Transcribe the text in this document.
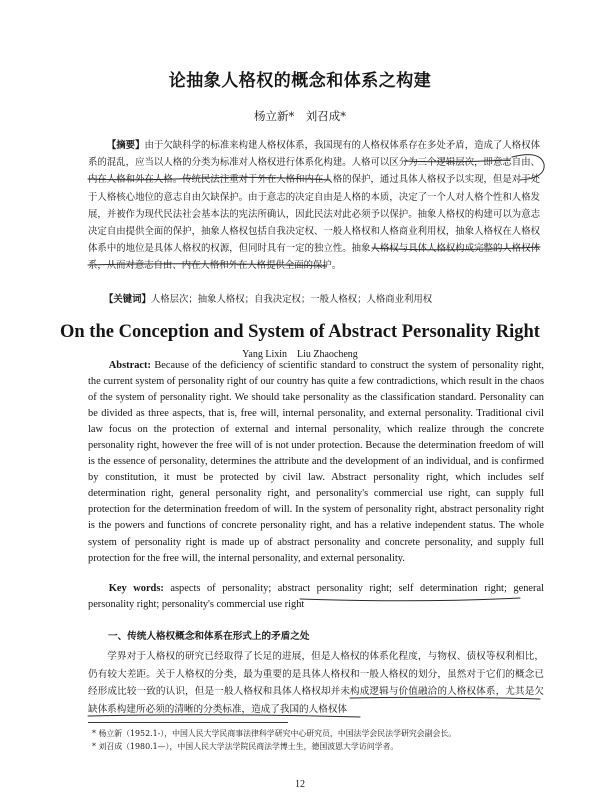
论抽象人格权的概念和体系之构建
杨立新*　刘召成*
【摘要】由于欠缺科学的标准来构建人格权体系，我国现有的人格权体系存在多处矛盾，造成了人格权体系的混乱，应当以人格的分类为标准对人格权进行体系化构建。人格可以区分为三个逻辑层次，即意志自由、内在人格和外在人格。传统民法注重对于外在人格和内在人格的保护，通过具体人格权予以实现，但是对于处于人格核心地位的意志自由欠缺保护。由于意志的决定自由是人格的本质，决定了一个人对人格个性和人格发展，并被作为现代民法社会基本法的宪法所确认，因此民法对此必须予以保护。抽象人格权的构建可以为意志决定自由提供全面的保护，抽象人格权包括自我决定权、一般人格权和人格商业利用权，抽象人格权在人格权体系中的地位是具体人格权的权源，但同时具有一定的独立性。抽象人格权与具体人格权构成完整的人格权体系，从而对意志自由、内在人格和外在人格提供全面的保护。
【关键词】人格层次；抽象人格权；自我决定权；一般人格权；人格商业利用权
On the Conception and System of Abstract Personality Right
Yang Lixin　Liu Zhaocheng
Abstract: Because of the deficiency of scientific standard to construct the system of personality right, the current system of personality right of our country has quite a few contradictions, which result in the chaos of the system of personality right. We should take personality as the classification standard. Personality can be divided as three aspects, that is, free will, internal personality, and external personality. Traditional civil law focus on the protection of external and internal personality, which realize through the concrete personality right, however the free will of is not under protection. Because the determination freedom of will is the essence of personality, determines the attribute and the development of an individual, and is confirmed by constitution, it must be protected by civil law. Abstract personality right, which includes self determination right, general personality right, and personality's commercial use right, can supply full protection for the determination freedom of will. In the system of personality right, abstract personality right is the powers and functions of concrete personality right, and has a relative independent status. The whole system of personality right is made up of abstract personality and concrete personality, and supply full protection for the free will, the internal personality, and external personality.
Key words: aspects of personality; abstract personality right; self determination right; general personality right; personality's commercial use right
一、传统人格权概念和体系在形式上的矛盾之处
学界对于人格权的研究已经取得了长足的进展，但是人格权的体系化程度，与物权、债权等权利相比，仍有较大差距。关于人格权的分类，最为重要的是具体人格权和一般人格权的划分，虽然对于它们的概念已经形成比较一致的认识，但是一般人格权和具体人格权却并未构成逻辑与价值融洽的人格权体系，尤其是欠缺体系构建所必须的清晰的分类标准，造成了我国的人格权体
* 杨立新（1952.1-），中国人民大学民商事法律科学研究中心研究员，中国法学会民法学研究会副会长。
* 刘召成（1980.1—），中国人民大学法学院民商法学博士生，德国波恩大学访问学者。
12
